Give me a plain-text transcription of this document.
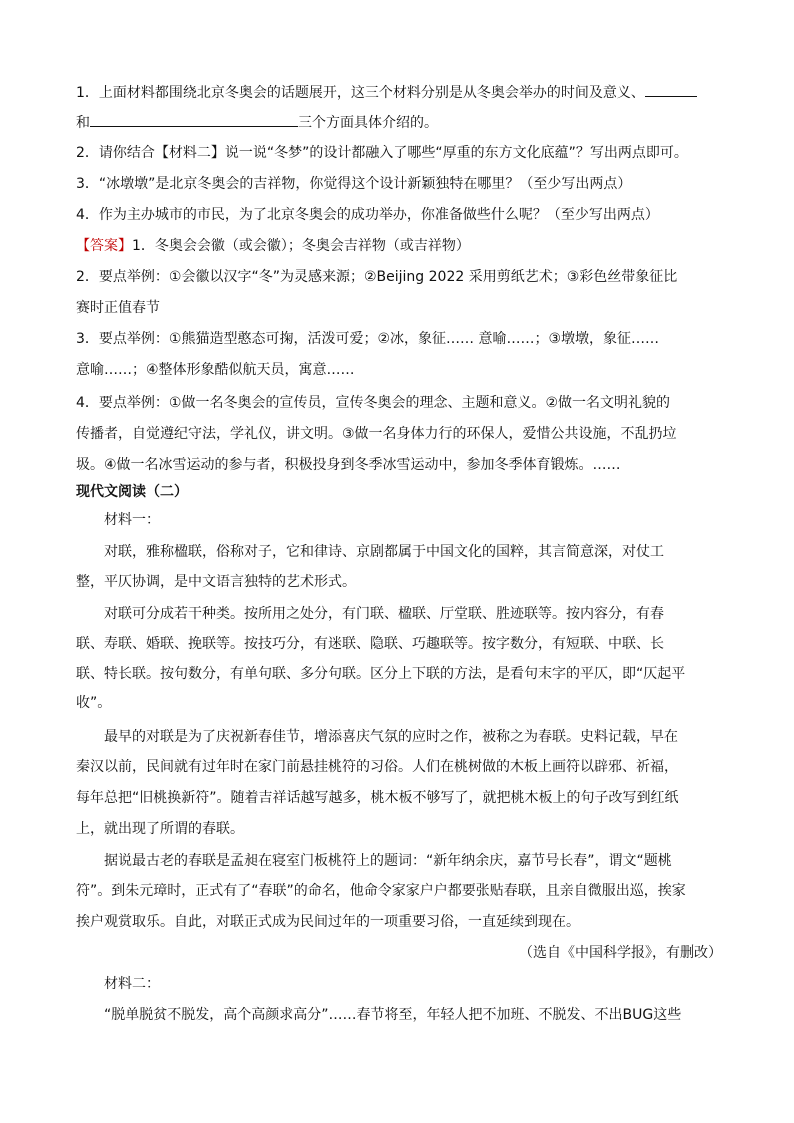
1．上面材料都围绕北京冬奥会的话题展开，这三个材料分别是从冬奥会举办的时间及意义、
和	三个方面具体介绍的。
2．请你结合【材料二】说一说“冬梦”的设计都融入了哪些“厚重的东方文化底蕴”？写出两点即可。
3．“冰墩墩”是北京冬奥会的吉祥物，你觉得这个设计新颖独特在哪里？（至少写出两点）
4．作为主办城市的市民，为了北京冬奥会的成功举办，你准备做些什么呢？（至少写出两点）
【答案】1．冬奥会会徽（或会徽）；冬奥会吉祥物（或吉祥物）
2．要点举例：①会徽以汉字“冬”为灵感来源；②Beijing 2022 采用剪纸艺术；③彩色丝带象征比
赛时正值春节
3．要点举例：①熊猫造型憨态可掬，活泼可爱；②冰，象征…… 意喻……；③墩墩，象征……
意喻……；④整体形象酷似航天员，寓意……
4．要点举例：①做一名冬奥会的宣传员，宣传冬奥会的理念、主题和意义。②做一名文明礼貌的
传播者，自觉遵纪守法，学礼仪，讲文明。③做一名身体力行的环保人，爱惜公共设施，不乱扔垃
圾。④做一名冰雪运动的参与者，积极投身到冬季冰雪运动中，参加冬季体育锻炼。……
现代文阅读（二）
材料一：
对联，雅称楹联，俗称对子，它和律诗、京剧都属于中国文化的国粹，其言简意深，对仗工
整，平仄协调，是中文语言独特的艺术形式。
对联可分成若干种类。按所用之处分，有门联、楹联、厅堂联、胜迹联等。按内容分，有春
联、寿联、婚联、挽联等。按技巧分，有迷联、隐联、巧趣联等。按字数分，有短联、中联、长
联、特长联。按句数分，有单句联、多分句联。区分上下联的方法，是看句末字的平仄，即“仄起平
收”。
最早的对联是为了庆祝新春佳节，增添喜庆气氛的应时之作，被称之为春联。史料记载，早在
秦汉以前，民间就有过年时在家门前悬挂桃符的习俗。人们在桃树做的木板上画符以辟邪、祈福，
每年总把“旧桃换新符”。随着吉祥话越写越多，桃木板不够写了，就把桃木板上的句子改写到红纸
上，就出现了所谓的春联。
据说最古老的春联是孟昶在寝室门板桃符上的题词：“新年纳余庆，嘉节号长春”，谓文“题桃
符”。到朱元璋时，正式有了“春联”的命名，他命令家家户户都要张贴春联，且亲自微服出巡，挨家
挨户观赏取乐。自此，对联正式成为民间过年的一项重要习俗，一直延续到现在。
（选自《中国科学报》，有删改）
材料二：
“脱单脱贫不脱发，高个高颜求高分”……春节将至，年轻人把不加班、不脱发、不出BUG这些
